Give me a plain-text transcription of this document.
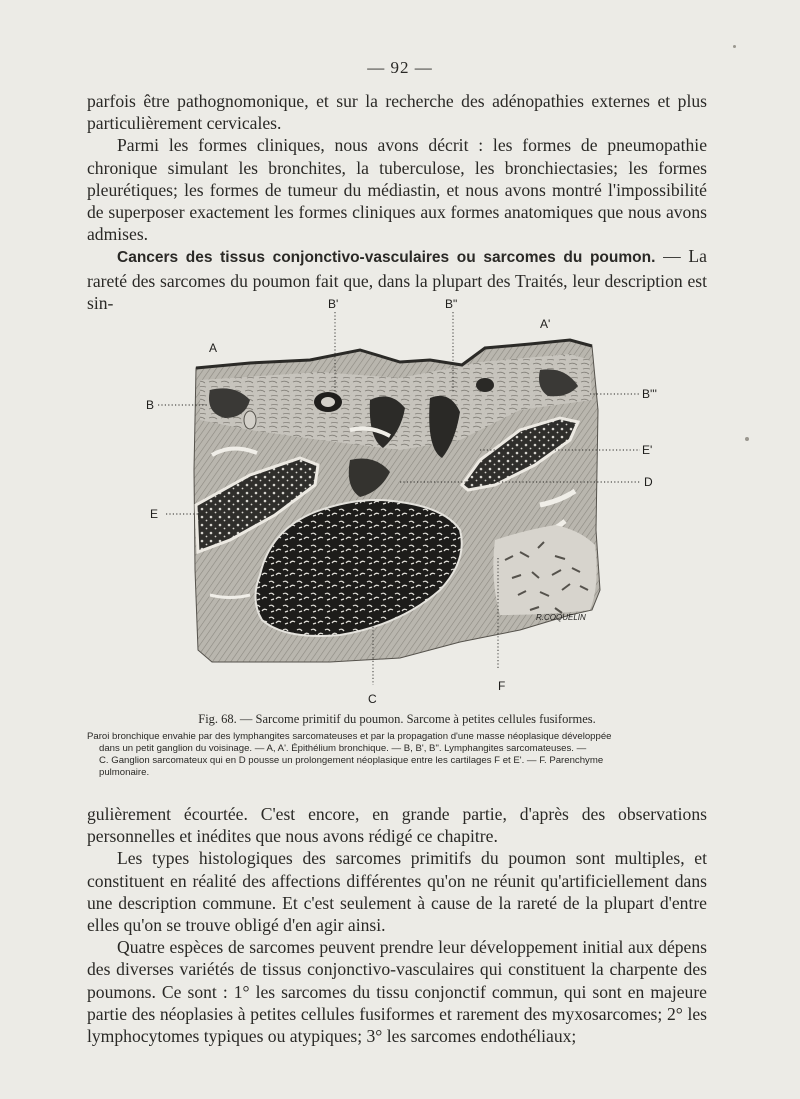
— 92 —

parfois être pathognomonique, et sur la recherche des adénopathies externes et plus particulièrement cervicales.

Parmi les formes cliniques, nous avons décrit : les formes de pneumopathie chronique simulant les bronchites, la tuberculose, les bronchiectasies; les formes pleurétiques; les formes de tumeur du médiastin, et nous avons montré l'impossibilité de superposer exactement les formes cliniques aux formes anatomiques que nous avons admises.

Cancers des tissus conjonctivo-vasculaires ou sarcomes du poumon. — La rareté des sarcomes du poumon fait que, dans la plupart des Traités, leur description est sin-	B'	B"
A'
A
B
B'''
E'
D
E
C
F
R.COQUELIN
Fig. 68. — Sarcome primitif du poumon. Sarcome à petites cellules fusiformes.
Paroi bronchique envahie par des lymphangites sarcomateuses et par la propagation d'une masse néoplasique développée
dans un petit ganglion du voisinage. — A, A'. Épithélium bronchique. — B, B', B". Lymphangites sarcomateuses. —
C. Ganglion sarcomateux qui en D pousse un prolongement néoplasique entre les cartilages F et E'. — F. Parenchyme
pulmonaire.

gulièrement écourtée. C'est encore, en grande partie, d'après des observations personnelles et inédites que nous avons rédigé ce chapitre.

Les types histologiques des sarcomes primitifs du poumon sont multiples, et constituent en réalité des affections différentes qu'on ne réunit qu'artificiellement dans une description commune. Et c'est seulement à cause de la rareté de la plupart d'entre elles qu'on se trouve obligé d'en agir ainsi.

Quatre espèces de sarcomes peuvent prendre leur développement initial aux dépens des diverses variétés de tissus conjonctivo-vasculaires qui constituent la charpente des poumons. Ce sont : 1° les sarcomes du tissu conjonctif commun, qui sont en majeure partie des néoplasies à petites cellules fusiformes et rarement des myxosarcomes; 2° les lymphocytomes typiques ou atypiques; 3° les sarcomes endothéliaux;
